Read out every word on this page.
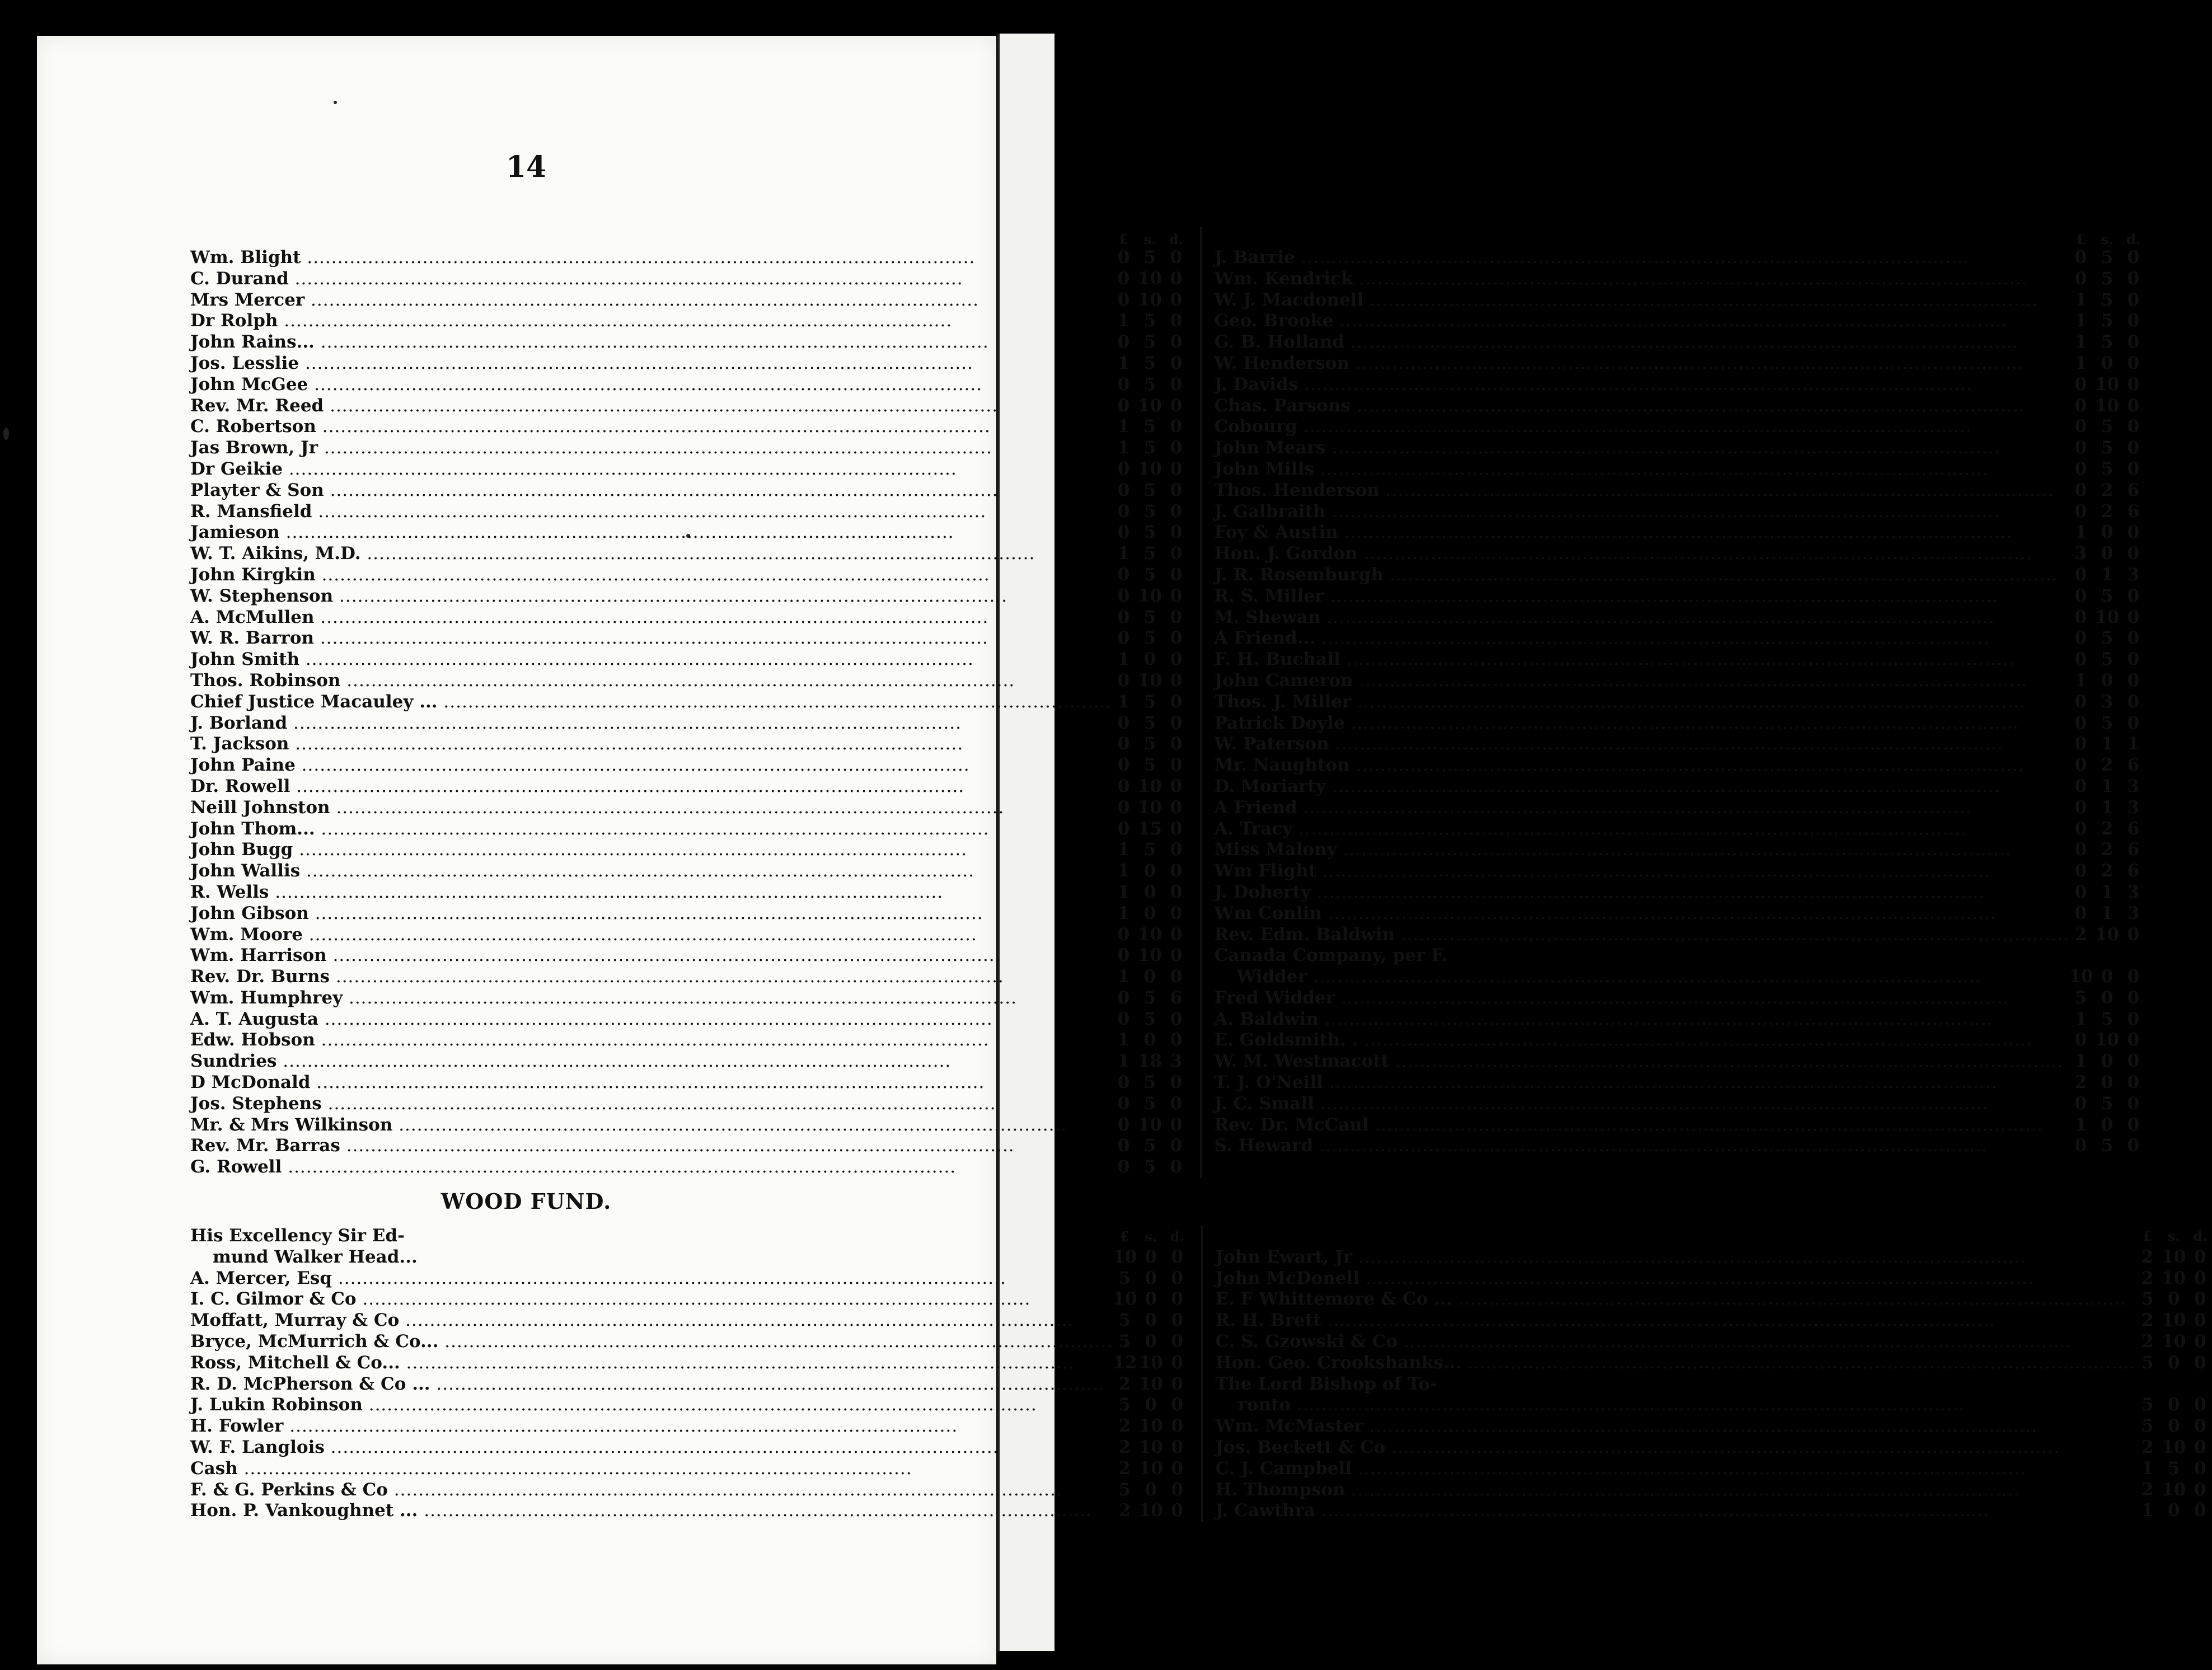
14
£	s. d.
Wm. Blight .....	0 5 0
C. Durand .....	0 10 0
Mrs Mercer .....	0 10 0
Dr Rolph .....	1 5 0
John Rains... .....	0 5 0
Jos. Lesslie .....	1 5 0
John McGee .....	0 5 0
Rev. Mr. Reed .....	0 10 0
C. Robertson .....	1 5 0
Jas Brown, Jr .....	1 5 0
Dr Geikie .....	0 10 0
Playter & Son .....	0 5 0
R. Mansfield .....	0 5 0
Jamieson .....	0 5 0
W. T. Aikins, M.D. .....	1 5 0
John Kirgkin .....	0 5 0
W. Stephenson .....	0 10 0
A. McMullen .....	0 5 0
W. R. Barron .....	0 5 0
John Smith .....	1 0 0
Thos. Robinson .....	0 10 0
Chief Justice Macauley ... .....	1 5 0
J. Borland .....	0 5 0
T. Jackson .....	0 5 0
John Paine .....	0 5 0
Dr. Rowell .....	0 10 0
Neill Johnston .....	0 10 0
John Thom... .....	0 15 0
John Bugg .....	1 5 0
John Wallis .....	1 0 0
R. Wells .....	1 0 0
John Gibson .....	1 0 0
Wm. Moore .....	0 10 0
Wm. Harrison .....	0 10 0
Rev. Dr. Burns .....	1 0 0
Wm. Humphrey .....	0 5 6
A. T. Augusta .....	0 5 0
Edw. Hobson .....	1 0 0
Sundries .....	1 18 3
D McDonald .....	0 5 0
Jos. Stephens .....	0 5 0
Mr. & Mrs Wilkinson .....	0 10 0
Rev. Mr. Barras .....	0 5 0
G. Rowell .....	0 5 0
£	s. d.
J. Barrie .....	0 5 0
Wm. Kendrick .....	0 5 0
W. J. Macdonell .....	1 5 0
Geo. Brooke .....	1 5 0
G. B. Holland .....	1 5 0
W. Henderson .....	1 0 0
J. Davids .....	0 10 0
Chas. Parsons .....	0 10 0
Cobourg .....	0 5 0
John Mears .....	0 5 0
John Mills .....	0 5 0
Thos. Henderson .....	0 2 6
J. Galbraith .....	0 2 6
Foy & Austin .....	1 0 0
Hon. J. Gordon .....	3 0 0
J. R. Rosemburgh .....	0 1 3
R. S. Miller .....	0 5 0
M. Shewan .....	0 10 0
A Friend... .....	0 5 0
F. H. Buchall .....	0 5 0
John Cameron .....	1 0 0
Thos. J. Miller .....	0 3 0
Patrick Doyle .....	0 5 0
W. Paterson .....	0 1 1
Mr. Naughton .....	0 2 6
D. Moriarty .....	0 1 3
A Friend .....	0 1 3
A. Tracy .....	0 2 6
Miss Malony .....	0 2 6
Wm Flight .....	0 2 6
J. Doherty .....	0 1 3
Wm Conlin .....	0 1 3
Rev. Edm. Baldwin .....	2 10 0
Canada Company, per F.
Widder .....	10 0 0
Fred Widder .....	5 0 0
A. Baldwin .....	1 5 0
E. Goldsmith. . .....	0 10 0
W. M. Westmacott .....	1 0 0
T. J. O'Neill .....	2 0 0
J. C. Small .....	0 5 0
Rev. Dr. McCaul .....	1 0 0
S. Heward .....	0 5 0
WOOD FUND.
His Excellency Sir Ed-	£	s. d.
mund Walker Head...	10 0 0
A. Mercer, Esq .....	5 0 0
I. C. Gilmor & Co .....	10 0 0
Moffatt, Murray & Co .....	5 0 0
Bryce, McMurrich & Co... .....	5 0 0
Ross, Mitchell & Co... .....	12 10 0
R. D. McPherson & Co ... .....	2 10 0
J. Lukin Robinson .....	5 0 0
H. Fowler .....	2 10 0
W. F. Langlois .....	2 10 0
Cash .....	2 10 0
F. & G. Perkins & Co .....	5 0 0
Hon. P. Vankoughnet ... .....	2 10 0
£	s. d.
John Ewart, Jr .....	2 10 0
John McDonell .....	2 10 0
E. F Whittemore & Co ... .....	5 0 0
R. H. Brett .....	2 10 0
C. S. Gzowski & Co .....	2 10 0
Hon. Geo. Crookshanks... .....	5 0 0
The Lord Bishop of To-
ronto .....	5 0 0
Wm. McMaster .....	5 0 0
Jos. Beckett & Co .....	2 10 0
C. J. Campbell .....	1 5 0
H. Thompson .....	2 10 0
J. Cawthra .....	1 0 0
